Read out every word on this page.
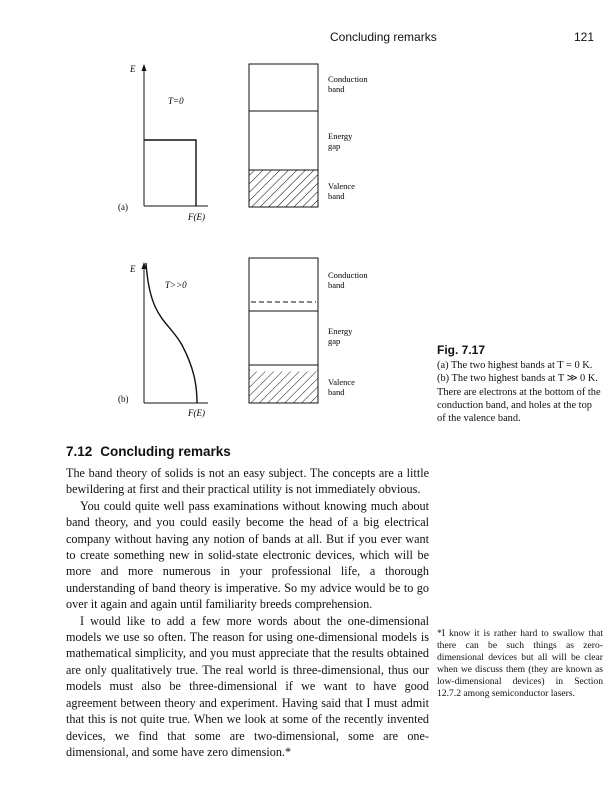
Concluding remarks	121
E
T=0
(a)
F(E)
Conduction band
Energy gap
Valence band
E
T>>0
(b)
F(E)
Conduction band
Energy gap
Valence band
Fig. 7.17
(a) The two highest bands at T = 0 K. (b) The two highest bands at T ≫ 0 K. There are electrons at the bottom of the conduction band, and holes at the top of the valence band.
7.12 Concluding remarks

The band theory of solids is not an easy subject. The concepts are a little bewildering at first and their practical utility is not immediately obvious.

You could quite well pass examinations without knowing much about band theory, and you could easily become the head of a big electrical company without having any notion of bands at all. But if you ever want to create something new in solid-state electronic devices, which will be more and more numerous in your professional life, a thorough understanding of band theory is imperative. So my advice would be to go over it again and again until familiarity breeds comprehension.

I would like to add a few more words about the one-dimensional models we use so often. The reason for using one-dimensional models is mathematical simplicity, and you must appreciate that the results obtained are only qualitatively true. The real world is three-dimensional, thus our models must also be three-dimensional if we want to have good agreement between theory and experiment. Having said that I must admit that this is not quite true. When we look at some of the recently invented devices, we find that some are two-dimensional, some are one-dimensional, and some have zero dimension.*

*I know it is rather hard to swallow that there can be such things as zero-dimensional devices but all will be clear when we discuss them (they are known as low-dimensional devices) in Section 12.7.2 among semiconductor lasers.
